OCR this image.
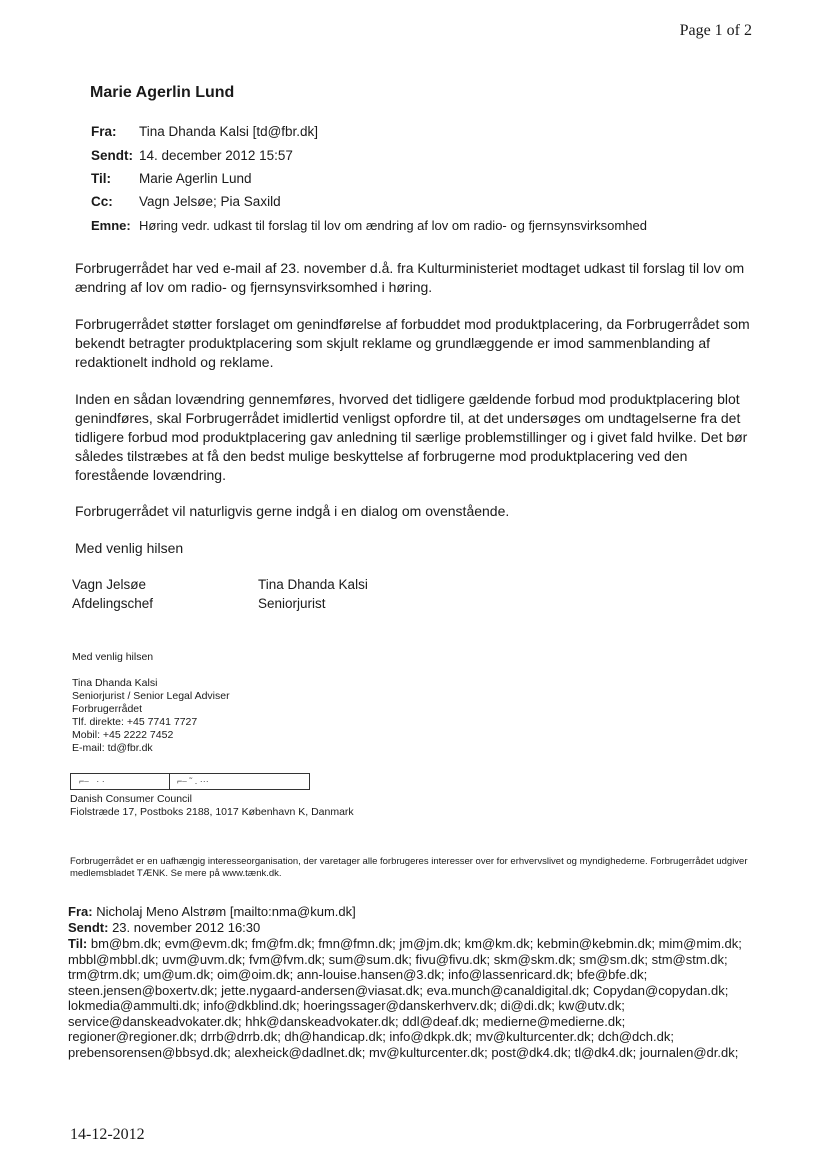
Page 1 of 2
Marie Agerlin Lund
Fra: Tina Dhanda Kalsi [td@fbr.dk]
Sendt: 14. december 2012 15:57
Til: Marie Agerlin Lund
Cc: Vagn Jelsøe; Pia Saxild
Emne: Høring vedr. udkast til forslag til lov om ændring af lov om radio- og fjernsynsvirksomhed
Forbrugerrådet har ved e-mail af 23. november d.å. fra Kulturministeriet modtaget udkast til forslag til lov om ændring af lov om radio- og fjernsynsvirksomhed i høring.
Forbrugerrådet støtter forslaget om genindførelse af forbuddet mod produktplacering, da Forbrugerrådet som bekendt betragter produktplacering som skjult reklame og grundlæggende er imod sammenblanding af redaktionelt indhold og reklame.
Inden en sådan lovændring gennemføres, hvorved det tidligere gældende forbud mod produktplacering blot genindføres, skal Forbrugerrådet imidlertid venligst opfordre til, at det undersøges om undtagelserne fra det tidligere forbud mod produktplacering gav anledning til særlige problemstillinger og i givet fald hvilke. Det bør således tilstræbes at få den bedst mulige beskyttelse af forbrugerne mod produktplacering ved den forestående lovændring.
Forbrugerrådet vil naturligvis gerne indgå i en dialog om ovenstående.
Med venlig hilsen
Vagn Jelsøe
Afdelingschef
Tina Dhanda Kalsi
Seniorjurist
Med venlig hilsen
Tina Dhanda Kalsi
Seniorjurist / Senior Legal Adviser
Forbrugerrådet
Tlf. direkte: +45 7741 7727
Mobil: +45 2222 7452
E-mail: td@fbr.dk
⌐⎯   · ·	⌐⎯ ˜ . ···
Danish Consumer Council
Fiolstræde 17, Postboks 2188, 1017 København K, Danmark
Forbrugerrådet er en uafhængig interesseorganisation, der varetager alle forbrugeres interesser over for erhvervslivet og myndighederne. Forbrugerrådet udgiver medlemsbladet TÆNK. Se mere på www.tænk.dk.
Fra: Nicholaj Meno Alstrøm [mailto:nma@kum.dk]
Sendt: 23. november 2012 16:30
Til: bm@bm.dk; evm@evm.dk; fm@fm.dk; fmn@fmn.dk; jm@jm.dk; km@km.dk; kebmin@kebmin.dk; mim@mim.dk; mbbl@mbbl.dk; uvm@uvm.dk; fvm@fvm.dk; sum@sum.dk; fivu@fivu.dk; skm@skm.dk; sm@sm.dk; stm@stm.dk; trm@trm.dk; um@um.dk; oim@oim.dk; ann-louise.hansen@3.dk; info@lassenricard.dk; bfe@bfe.dk; steen.jensen@boxertv.dk; jette.nygaard-andersen@viasat.dk; eva.munch@canaldigital.dk; Copydan@copydan.dk; lokmedia@ammulti.dk; info@dkblind.dk; hoeringssager@danskerhverv.dk; di@di.dk; kw@utv.dk; service@danskeadvokater.dk; hhk@danskeadvokater.dk; ddl@deaf.dk; medierne@medierne.dk; regioner@regioner.dk; drrb@drrb.dk; dh@handicap.dk; info@dkpk.dk; mv@kulturcenter.dk; dch@dch.dk; prebensorensen@bbsyd.dk; alexheick@dadlnet.dk; mv@kulturcenter.dk; post@dk4.dk; tl@dk4.dk; journalen@dr.dk;
14-12-2012
